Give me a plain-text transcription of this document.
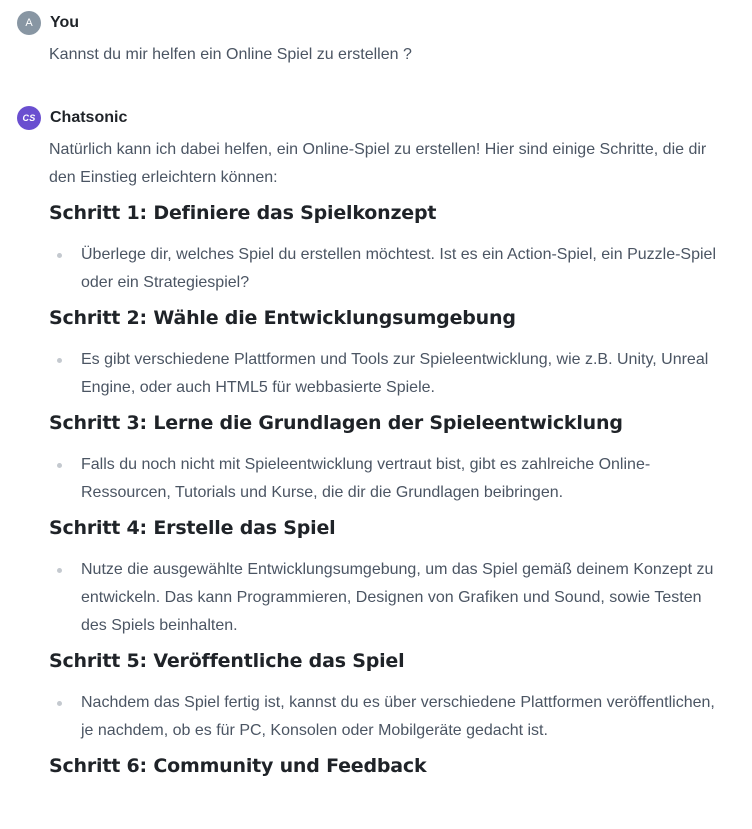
A You

Kannst du mir helfen ein Online Spiel zu erstellen ?

CS Chatsonic

Natürlich kann ich dabei helfen, ein Online-Spiel zu erstellen! Hier sind einige Schritte, die dir den Einstieg erleichtern können:

Schritt 1: Definiere das Spielkonzept
Überlege dir, welches Spiel du erstellen möchtest. Ist es ein Action-Spiel, ein Puzzle-Spiel oder ein Strategiespiel?
Schritt 2: Wähle die Entwicklungsumgebung
Es gibt verschiedene Plattformen und Tools zur Spieleentwicklung, wie z.B. Unity, Unreal Engine, oder auch HTML5 für webbasierte Spiele.
Schritt 3: Lerne die Grundlagen der Spieleentwicklung
Falls du noch nicht mit Spieleentwicklung vertraut bist, gibt es zahlreiche Online-Ressourcen, Tutorials und Kurse, die dir die Grundlagen beibringen.
Schritt 4: Erstelle das Spiel
Nutze die ausgewählte Entwicklungsumgebung, um das Spiel gemäß deinem Konzept zu entwickeln. Das kann Programmieren, Designen von Grafiken und Sound, sowie Testen des Spiels beinhalten.
Schritt 5: Veröffentliche das Spiel
Nachdem das Spiel fertig ist, kannst du es über verschiedene Plattformen veröffentlichen, je nachdem, ob es für PC, Konsolen oder Mobilgeräte gedacht ist.
Schritt 6: Community und Feedback
